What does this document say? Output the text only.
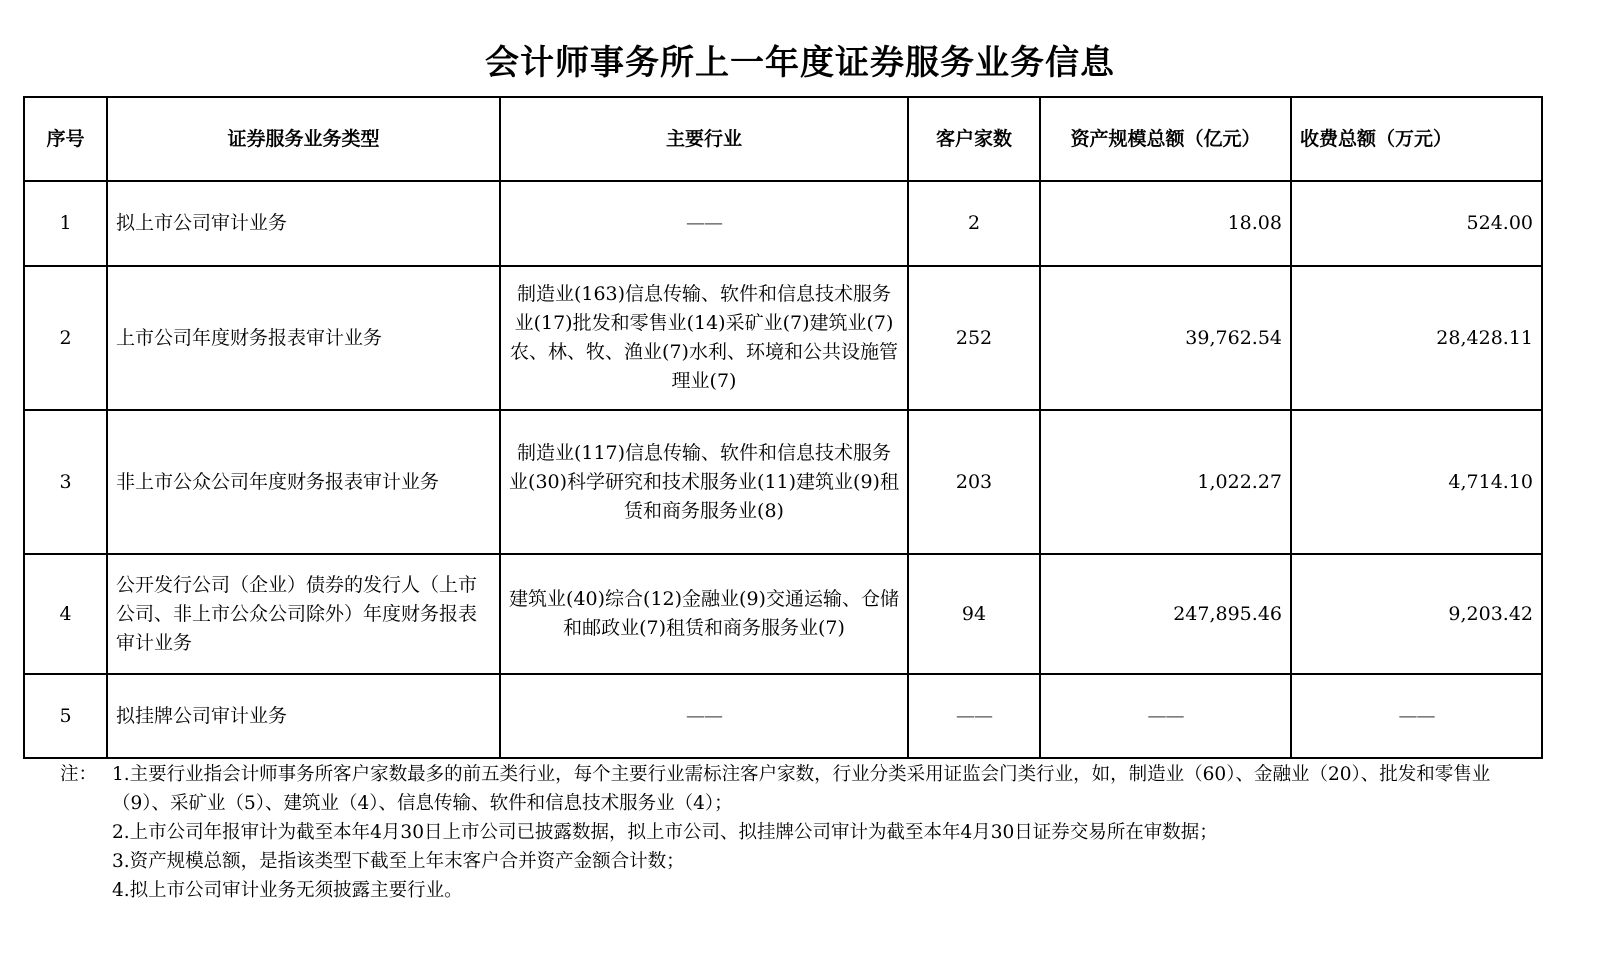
会计师事务所上一年度证券服务业务信息
序号	证券服务业务类型	主要行业	客户家数	资产规模总额（亿元）	收费总额（万元）
1	拟上市公司审计业务	——	2	18.08	524.00
2	上市公司年度财务报表审计业务	制造业(163)信息传输、软件和信息技术服务业(17)批发和零售业(14)采矿业(7)建筑业(7)农、林、牧、渔业(7)水利、环境和公共设施管理业(7)	252	39,762.54	28,428.11
3	非上市公众公司年度财务报表审计业务	制造业(117)信息传输、软件和信息技术服务业(30)科学研究和技术服务业(11)建筑业(9)租赁和商务服务业(8)	203	1,022.27	4,714.10
4	公开发行公司（企业）债券的发行人（上市公司、非上市公众公司除外）年度财务报表审计业务	建筑业(40)综合(12)金融业(9)交通运输、仓储和邮政业(7)租赁和商务服务业(7)	94	247,895.46	9,203.42
5	拟挂牌公司审计业务	——	——	——	——
注： 1.主要行业指会计师事务所客户家数最多的前五类行业，每个主要行业需标注客户家数，行业分类采用证监会门类行业，如，制造业（60）、金融业（20）、批发和零售业（9）、采矿业（5）、建筑业（4）、信息传输、软件和信息技术服务业（4）；
2.上市公司年报审计为截至本年4月30日上市公司已披露数据，拟上市公司、拟挂牌公司审计为截至本年4月30日证券交易所在审数据；
3.资产规模总额，是指该类型下截至上年末客户合并资产金额合计数；
4.拟上市公司审计业务无须披露主要行业。
